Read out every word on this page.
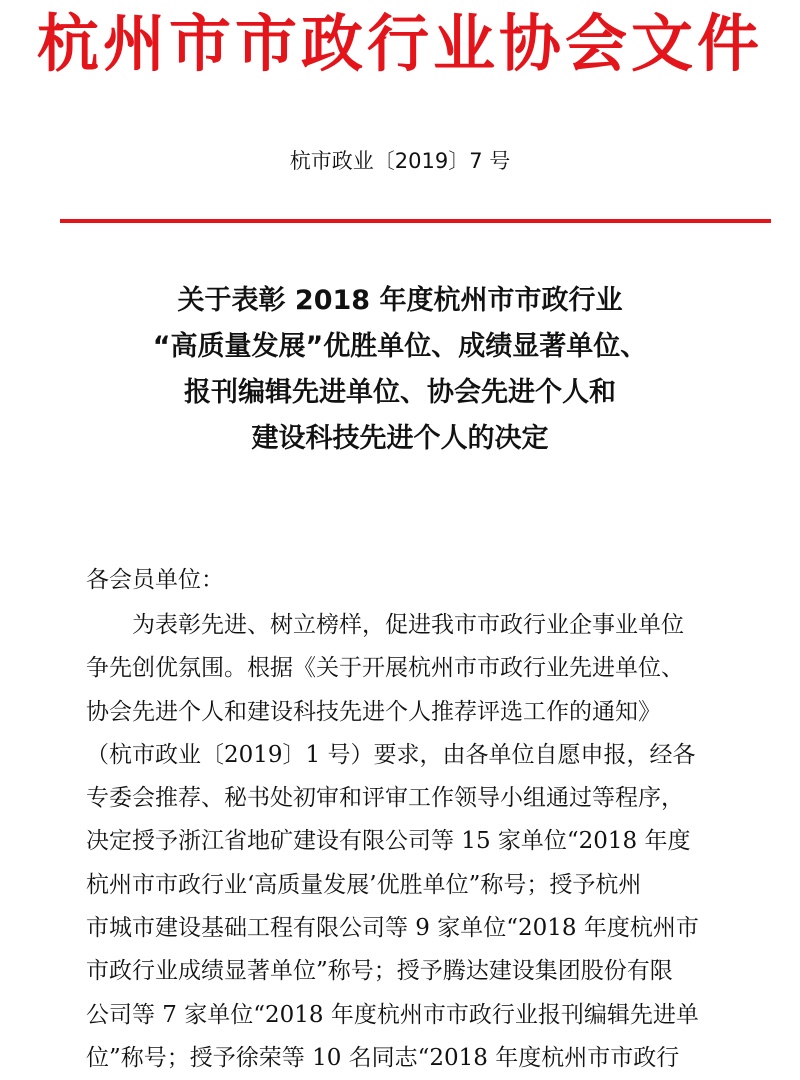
杭州市市政行业协会文件
杭市政业〔2019〕7 号
关于表彰 2018 年度杭州市市政行业
“高质量发展”优胜单位、成绩显著单位、
报刊编辑先进单位、协会先进个人和
建设科技先进个人的决定
各会员单位：
为表彰先进、树立榜样，促进我市市政行业企事业单位
争先创优氛围。根据《关于开展杭州市市政行业先进单位、
协会先进个人和建设科技先进个人推荐评选工作的通知》
（杭市政业〔2019〕1 号）要求，由各单位自愿申报，经各
专委会推荐、秘书处初审和评审工作领导小组通过等程序，
决定授予浙江省地矿建设有限公司等 15 家单位“2018 年度
杭州市市政行业‘高质量发展’优胜单位”称号；授予杭州
市城市建设基础工程有限公司等 9 家单位“2018 年度杭州市
市政行业成绩显著单位”称号；授予腾达建设集团股份有限
公司等 7 家单位“2018 年度杭州市市政行业报刊编辑先进单
位”称号；授予徐荣等 10 名同志“2018 年度杭州市市政行
